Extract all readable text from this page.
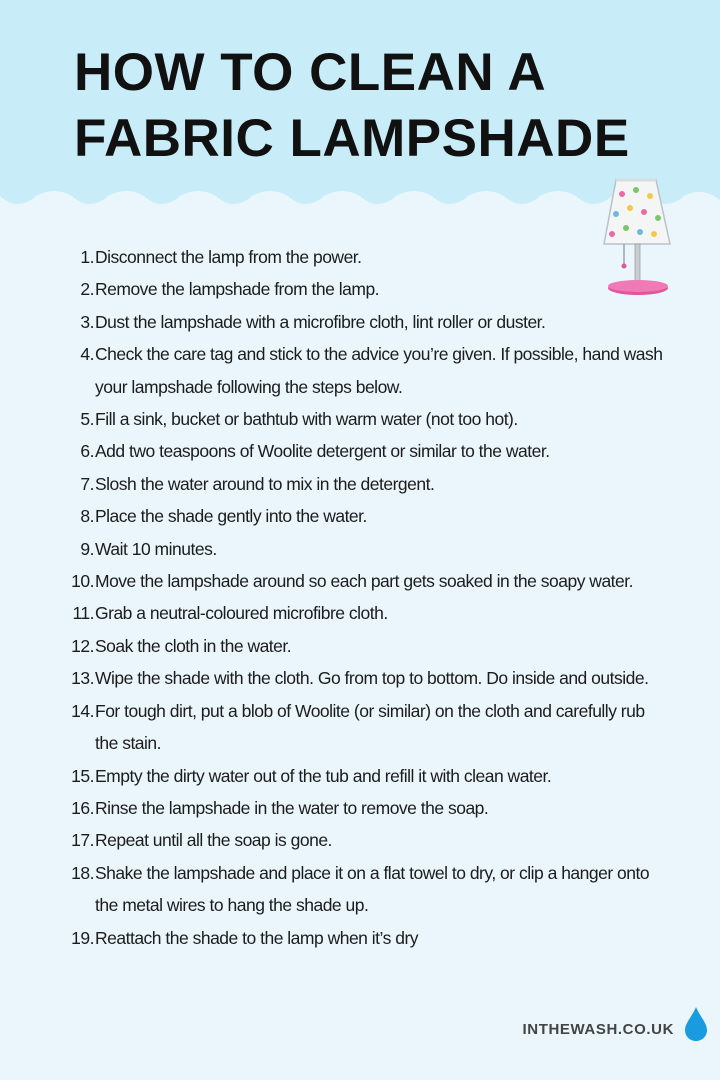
HOW TO CLEAN A
FABRIC LAMPSHADE
1. Disconnect the lamp from the power.
2. Remove the lampshade from the lamp.
3. Dust the lampshade with a microfibre cloth, lint roller or duster.
4. Check the care tag and stick to the advice you’re given. If possible, hand wash your lampshade following the steps below.
5. Fill a sink, bucket or bathtub with warm water (not too hot).
6. Add two teaspoons of Woolite detergent or similar to the water.
7. Slosh the water around to mix in the detergent.
8. Place the shade gently into the water.
9. Wait 10 minutes.
10. Move the lampshade around so each part gets soaked in the soapy water.
11. Grab a neutral-coloured microfibre cloth.
12. Soak the cloth in the water.
13. Wipe the shade with the cloth. Go from top to bottom. Do inside and outside.
14. For tough dirt, put a blob of Woolite (or similar) on the cloth and carefully rub the stain.
15. Empty the dirty water out of the tub and refill it with clean water.
16. Rinse the lampshade in the water to remove the soap.
17. Repeat until all the soap is gone.
18. Shake the lampshade and place it on a flat towel to dry, or clip a hanger onto the metal wires to hang the shade up.
19. Reattach the shade to the lamp when it’s dry
INTHEWASH.CO.UK
